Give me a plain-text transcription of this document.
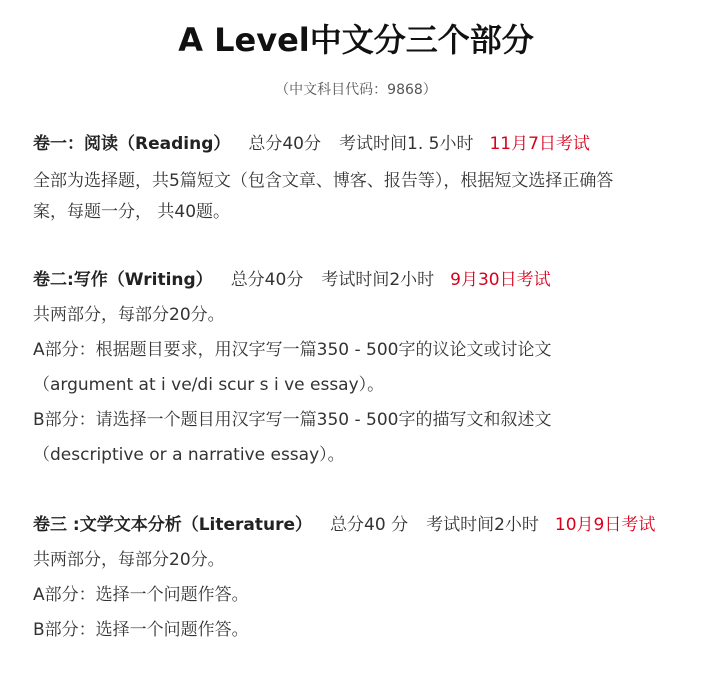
A Level中文分三个部分

（中文科目代码：9868）

卷一：阅读（Reading） 总分40分 考试时间1. 5小时 11月7日考试

全部为选择题，共5篇短文（包含文章、博客、报告等），根据短文选择正确答

案，每题一分， 共40题。

卷二:写作（Writing） 总分40分 考试时间2小时 9月30日考试

共两部分，每部分20分。

A部分：根据题目要求，用汉字写一篇350 - 500字的议论文或讨论文

（argument at i ve/di scur s i ve essay）。

B部分：请选择一个题目用汉字写一篇350 - 500字的描写文和叙述文

（descriptive or a narrative essay）。

卷三 :文学文本分析（Literature） 总分40 分 考试时间2小时 10月9日考试

共两部分，每部分20分。

A部分：选择一个问题作答。

B部分：选择一个问题作答。
